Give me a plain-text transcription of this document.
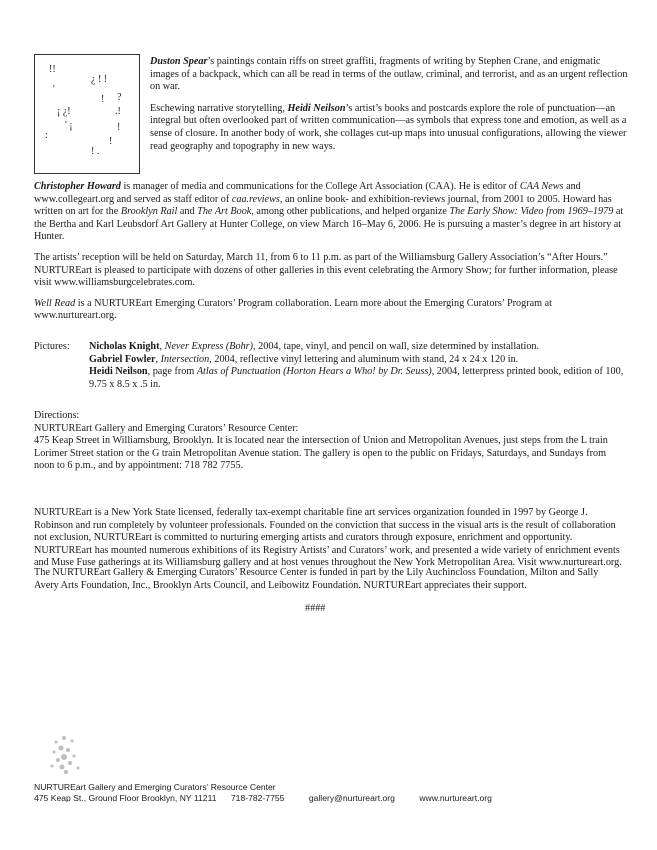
!!
¿ ! !
?
'
!
¡ ¿!	.!
' ¡
:
!
! .
!

Duston Spear’s paintings contain riffs on street graffiti, fragments of writing by Stephen Crane, and enigmatic images of a backpack, which can all be read in terms of the outlaw, criminal, and terrorist, and as an urgent reflection on war.

Eschewing narrative storytelling, Heidi Neilson’s artist’s books and postcards explore the role of punctuation—an integral but often overlooked part of written communication—as symbols that express tone and emotion, as well as a sense of closure. In another body of work, she collages cut-up maps into unusual configurations, allowing the viewer read geography and topography in new ways.

Christopher Howard is manager of media and communications for the College Art Association (CAA). He is editor of CAA News and www.collegeart.org and served as staff editor of caa.reviews, an online book- and exhibition-reviews journal, from 2001 to 2005. Howard has written on art for the Brooklyn Rail and The Art Book, among other publications, and helped organize The Early Show: Video from 1969–1979 at the Bertha and Karl Leubsdorf Art Gallery at Hunter College, on view March 16–May 6, 2006. He is pursuing a master’s degree in art history at Hunter.

The artists’ reception will be held on Saturday, March 11, from 6 to 11 p.m. as part of the Williamsburg Gallery Association’s “After Hours.” NURTUREart is pleased to participate with dozens of other galleries in this event celebrating the Armory Show; for further information, please visit www.williamsburgcelebrates.com.

Well Read is a NURTUREart Emerging Curators’ Program collaboration. Learn more about the Emerging Curators’ Program at www.nurtureart.org.

Pictures: Nicholas Knight, Never Express (Bohr), 2004, tape, vinyl, and pencil on wall, size determined by installation.
Gabriel Fowler, Intersection, 2004, reflective vinyl lettering and aluminum with stand, 24 x 24 x 120 in.
Heidi Neilson, page from Atlas of Punctuation (Horton Hears a Who! by Dr. Seuss), 2004, letterpress printed book, edition of 100, 9.75 x 8.5 x .5 in.

Directions:

NURTUREart Gallery and Emerging Curators’ Resource Center:

475 Keap Street in Williamsburg, Brooklyn. It is located near the intersection of Union and Metropolitan Avenues, just steps from the L train Lorimer Street station or the G train Metropolitan Avenue station. The gallery is open to the public on Fridays, Saturdays, and Sundays from noon to 6 p.m., and by appointment: 718 782 7755.

NURTUREart is a New York State licensed, federally tax-exempt charitable fine art services organization founded in 1997 by George J. Robinson and run completely by volunteer professionals. Founded on the conviction that success in the visual arts is the result of collaboration not exclusion, NURTUREart is committed to nurturing emerging artists and curators through exposure, enrichment and opportunity. NURTUREart has mounted numerous exhibitions of its Registry Artists’ and Curators’ work, and presented a wide variety of enrichment events and Muse Fuse gatherings at its Williamsburg gallery and at host venues throughout the New York Metropolitan Area. Visit www.nurtureart.org.
The NURTUREart Gallery & Emerging Curators’ Resource Center is funded in part by the Lily Auchincloss Foundation, Milton and Sally Avery Arts Foundation, Inc., Brooklyn Arts Council, and Leibowitz Foundation. NURTUREart appreciates their support.
####
NURTUREart Gallery and Emerging Curators’ Resource Center
475 Keap St., Ground Floor Brooklyn, NY 11211 718-782-7755	gallery@nurtureart.org	www.nurtureart.org
